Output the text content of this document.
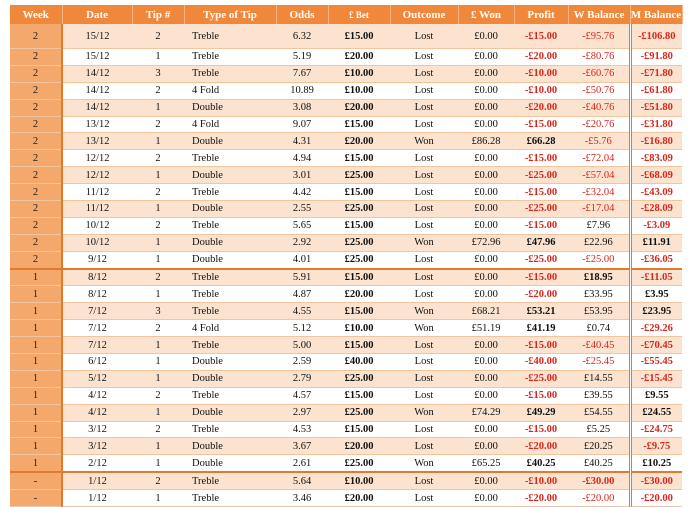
Week	Date	Tip #	Type of Tip	Odds	£ Bet	Outcome	£ Won	Profit	W Balance	M Balance
2	15/12	2	Treble	6.32	£15.00	Lost	£0.00	-£15.00	-£95.76	-£106.80
2	15/12	1	Treble	5.19	£20.00	Lost	£0.00	-£20.00	-£80.76	-£91.80
2	14/12	3	Treble	7.67	£10.00	Lost	£0.00	-£10.00	-£60.76	-£71.80
2	14/12	2	4 Fold	10.89	£10.00	Lost	£0.00	-£10.00	-£50.76	-£61.80
2	14/12	1	Double	3.08	£20.00	Lost	£0.00	-£20.00	-£40.76	-£51.80
2	13/12	2	4 Fold	9.07	£15.00	Lost	£0.00	-£15.00	-£20.76	-£31.80
2	13/12	1	Double	4.31	£20.00	Won	£86.28	£66.28	-£5.76	-£16.80
2	12/12	2	Treble	4.94	£15.00	Lost	£0.00	-£15.00	-£72.04	-£83.09
2	12/12	1	Double	3.01	£25.00	Lost	£0.00	-£25.00	-£57.04	-£68.09
2	11/12	2	Treble	4.42	£15.00	Lost	£0.00	-£15.00	-£32.04	-£43.09
2	11/12	1	Double	2.55	£25.00	Lost	£0.00	-£25.00	-£17.04	-£28.09
2	10/12	2	Treble	5.65	£15.00	Lost	£0.00	-£15.00	£7.96	-£3.09
2	10/12	1	Double	2.92	£25.00	Won	£72.96	£47.96	£22.96	£11.91
2	9/12	1	Double	4.01	£25.00	Lost	£0.00	-£25.00	-£25.00	-£36.05
1	8/12	2	Treble	5.91	£15.00	Lost	£0.00	-£15.00	£18.95	-£11.05
1	8/12	1	Treble	4.87	£20.00	Lost	£0.00	-£20.00	£33.95	£3.95
1	7/12	3	Treble	4.55	£15.00	Won	£68.21	£53.21	£53.95	£23.95
1	7/12	2	4 Fold	5.12	£10.00	Won	£51.19	£41.19	£0.74	-£29.26
1	7/12	1	Treble	5.00	£15.00	Lost	£0.00	-£15.00	-£40.45	-£70.45
1	6/12	1	Double	2.59	£40.00	Lost	£0.00	-£40.00	-£25.45	-£55.45
1	5/12	1	Double	2.79	£25.00	Lost	£0.00	-£25.00	£14.55	-£15.45
1	4/12	2	Treble	4.57	£15.00	Lost	£0.00	-£15.00	£39.55	£9.55
1	4/12	1	Double	2.97	£25.00	Won	£74.29	£49.29	£54.55	£24.55
1	3/12	2	Treble	4.53	£15.00	Lost	£0.00	-£15.00	£5.25	-£24.75
1	3/12	1	Double	3.67	£20.00	Lost	£0.00	-£20.00	£20.25	-£9.75
1	2/12	1	Double	2.61	£25.00	Won	£65.25	£40.25	£40.25	£10.25
-	1/12	2	Treble	5.64	£10.00	Lost	£0.00	-£10.00	-£30.00	-£30.00
-	1/12	1	Treble	3.46	£20.00	Lost	£0.00	-£20.00	-£20.00	-£20.00
